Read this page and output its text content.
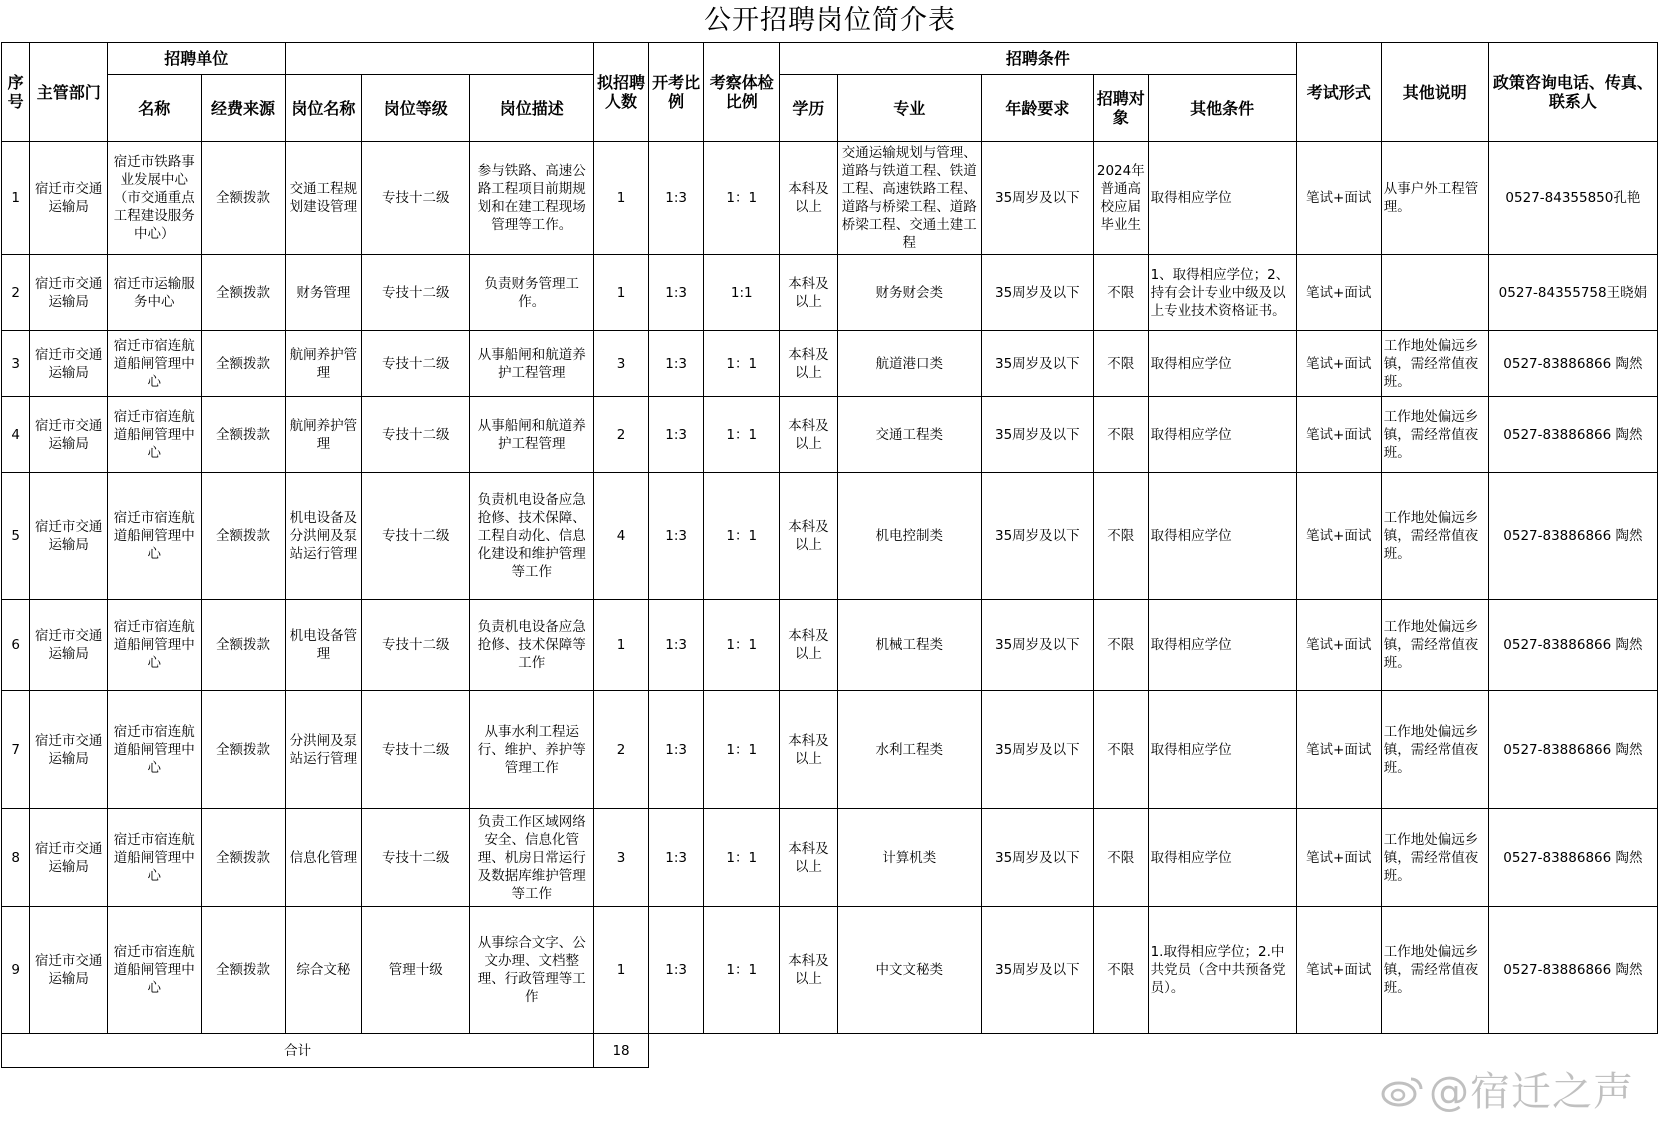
公开招聘岗位简介表
序号	主管部门	招聘单位					拟招聘人数	开考比例	考察体检比例	招聘条件					考试形式	其他说明	政策咨询电话、传真、联系人
		名称	经费来源	岗位名称	岗位等级	岗位描述				学历	专业	年龄要求	招聘对象	其他条件			
1	宿迁市交通运输局	宿迁市铁路事业发展中心（市交通重点工程建设服务中心）	全额拨款	交通工程规划建设管理	专技十二级	参与铁路、高速公路工程项目前期规划和在建工程现场管理等工作。	1	1:3	1：1	本科及以上	交通运输规划与管理、道路与铁道工程、铁道工程、高速铁路工程、道路与桥梁工程、道路桥梁工程、交通土建工程	35周岁及以下	2024年普通高校应届毕业生	取得相应学位	笔试+面试	从事户外工程管理。	0527-84355850孔艳
2	宿迁市交通运输局	宿迁市运输服务中心	全额拨款	财务管理	专技十二级	负责财务管理工作。	1	1:3	1:1	本科及以上	财务财会类	35周岁及以下	不限	1、取得相应学位；2、持有会计专业中级及以上专业技术资格证书。	笔试+面试		0527-84355758王晓娟
3	宿迁市交通运输局	宿迁市宿连航道船闸管理中心	全额拨款	航闸养护管理	专技十二级	从事船闸和航道养护工程管理	3	1:3	1：1	本科及以上	航道港口类	35周岁及以下	不限	取得相应学位	笔试+面试	工作地处偏远乡镇，需经常值夜班。	0527-83886866 陶然
4	宿迁市交通运输局	宿迁市宿连航道船闸管理中心	全额拨款	航闸养护管理	专技十二级	从事船闸和航道养护工程管理	2	1:3	1：1	本科及以上	交通工程类	35周岁及以下	不限	取得相应学位	笔试+面试	工作地处偏远乡镇，需经常值夜班。	0527-83886866 陶然
5	宿迁市交通运输局	宿迁市宿连航道船闸管理中心	全额拨款	机电设备及分洪闸及泵站运行管理	专技十二级	负责机电设备应急抢修、技术保障、工程自动化、信息化建设和维护管理等工作	4	1:3	1：1	本科及以上	机电控制类	35周岁及以下	不限	取得相应学位	笔试+面试	工作地处偏远乡镇，需经常值夜班。	0527-83886866 陶然
6	宿迁市交通运输局	宿迁市宿连航道船闸管理中心	全额拨款	机电设备管理	专技十二级	负责机电设备应急抢修、技术保障等工作	1	1:3	1：1	本科及以上	机械工程类	35周岁及以下	不限	取得相应学位	笔试+面试	工作地处偏远乡镇，需经常值夜班。	0527-83886866 陶然
7	宿迁市交通运输局	宿迁市宿连航道船闸管理中心	全额拨款	分洪闸及泵站运行管理	专技十二级	从事水利工程运行、维护、养护等管理工作	2	1:3	1：1	本科及以上	水利工程类	35周岁及以下	不限	取得相应学位	笔试+面试	工作地处偏远乡镇，需经常值夜班。	0527-83886866 陶然
8	宿迁市交通运输局	宿迁市宿连航道船闸管理中心	全额拨款	信息化管理	专技十二级	负责工作区域网络安全、信息化管理、机房日常运行及数据库维护管理等工作	3	1:3	1：1	本科及以上	计算机类	35周岁及以下	不限	取得相应学位	笔试+面试	工作地处偏远乡镇，需经常值夜班。	0527-83886866 陶然
9	宿迁市交通运输局	宿迁市宿连航道船闸管理中心	全额拨款	综合文秘	管理十级	从事综合文字、公文办理、文档整理、行政管理等工作	1	1:3	1：1	本科及以上	中文文秘类	35周岁及以下	不限	1.取得相应学位；2.中共党员（含中共预备党员）。	笔试+面试	工作地处偏远乡镇，需经常值夜班。	0527-83886866 陶然
合计							18										
@宿迁之声
